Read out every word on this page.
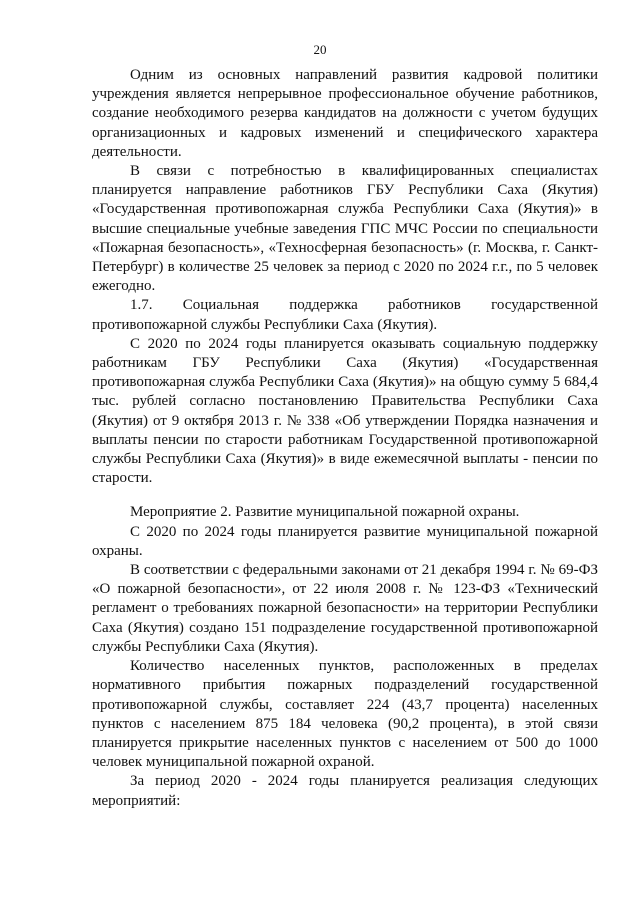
20

Одним из основных направлений развития кадровой политики учреждения является непрерывное профессиональное обучение работников, создание необходимого резерва кандидатов на должности с учетом будущих организационных и кадровых изменений и специфического характера деятельности.

В связи с потребностью в квалифицированных специалистах планируется направление работников ГБУ Республики Саха (Якутия) «Государственная противопожарная служба Республики Саха (Якутия)» в высшие специальные учебные заведения ГПС МЧС России по специальности «Пожарная безопасность», «Техносферная безопасность» (г. Москва, г. Санкт-Петербург) в количестве 25 человек за период с 2020 по 2024 г.г., по 5 человек ежегодно.

1.7. Социальная поддержка работников государственной противопожарной службы Республики Саха (Якутия).

С 2020 по 2024 годы планируется оказывать социальную поддержку работникам ГБУ Республики Саха (Якутия) «Государственная противопожарная служба Республики Саха (Якутия)» на общую сумму 5 684,4 тыс. рублей согласно постановлению Правительства Республики Саха (Якутия) от 9 октября 2013 г. № 338 «Об утверждении Порядка назначения и выплаты пенсии по старости работникам Государственной противопожарной службы Республики Саха (Якутия)» в виде ежемесячной выплаты - пенсии по старости.

Мероприятие 2. Развитие муниципальной пожарной охраны.

С 2020 по 2024 годы планируется развитие муниципальной пожарной охраны.

В соответствии с федеральными законами от 21 декабря 1994 г. № 69-ФЗ «О пожарной безопасности», от 22 июля 2008 г. № 123-ФЗ «Технический регламент о требованиях пожарной безопасности» на территории Республики Саха (Якутия) создано 151 подразделение государственной противопожарной службы Республики Саха (Якутия).

Количество населенных пунктов, расположенных в пределах нормативного прибытия пожарных подразделений государственной противопожарной службы, составляет 224 (43,7 процента) населенных пунктов с населением 875 184 человека (90,2 процента), в этой связи планируется прикрытие населенных пунктов с населением от 500 до 1000 человек муниципальной пожарной охраной.

За период 2020 - 2024 годы планируется реализация следующих мероприятий:
